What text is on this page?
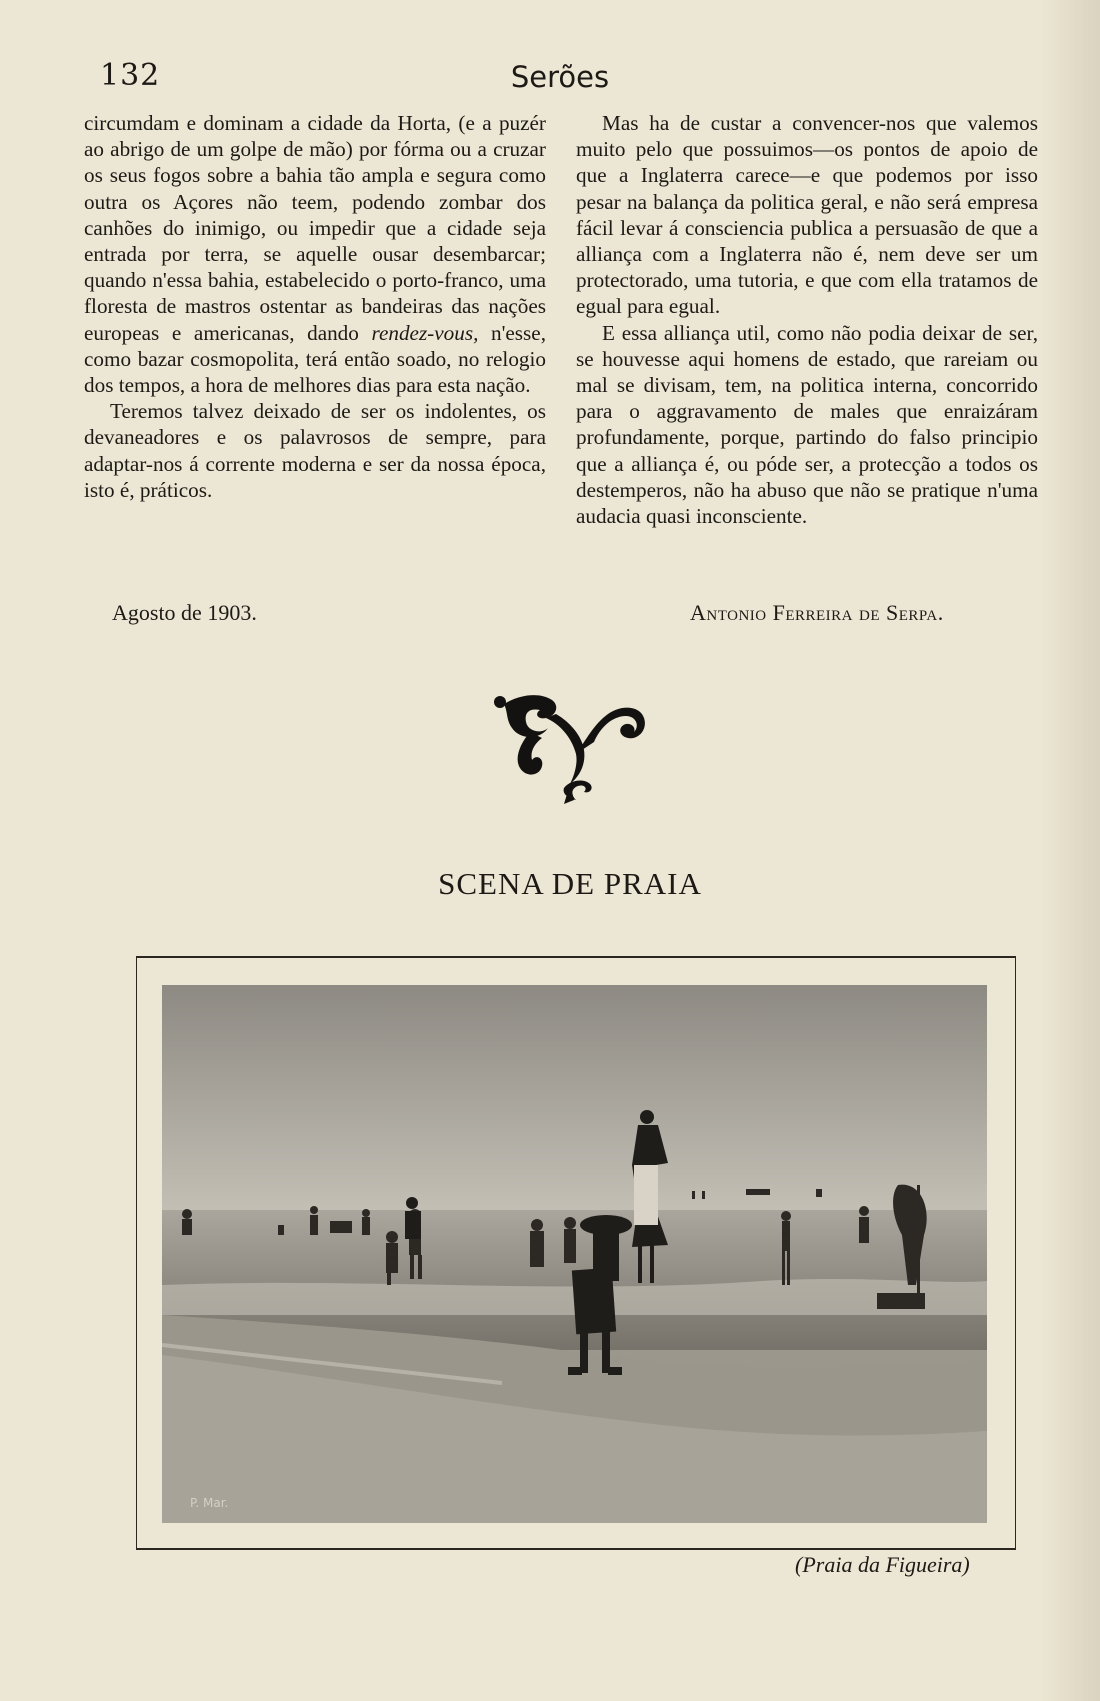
132	Serões

circumdam e dominam a cidade da Horta, (e a puzér ao abrigo de um golpe de mão) por fórma ou a cruzar os seus fogos sobre a bahia tão ampla e segura como outra os Açores não teem, podendo zombar dos canhões do inimigo, ou impedir que a cidade seja entrada por terra, se aquelle ousar desembarcar; quando n'essa bahia, estabelecido o porto-franco, uma floresta de mastros ostentar as bandeiras das nações europeas e americanas, dando rendez-vous, n'esse, como bazar cosmopolita, terá então soado, no relogio dos tempos, a hora de melhores dias para esta nação.

Teremos talvez deixado de ser os indolentes, os devaneadores e os palavrosos de sempre, para adaptar-nos á corrente moderna e ser da nossa época, isto é, práticos.

Mas ha de custar a convencer-nos que valemos muito pelo que possuimos—os pontos de apoio de que a Inglaterra carece—e que podemos por isso pesar na balança da politica geral, e não será empresa fácil levar á consciencia publica a persuasão de que a alliança com a Inglaterra não é, nem deve ser um protectorado, uma tutoria, e que com ella tratamos de egual para egual.

E essa alliança util, como não podia deixar de ser, se houvesse aqui homens de estado, que rareiam ou mal se divisam, tem, na politica interna, concorrido para o aggravamento de males que enraizáram profundamente, porque, partindo do falso principio que a alliança é, ou póde ser, a protecção a todos os destemperos, não ha abuso que não se pratique n'uma audacia quasi inconsciente.

Agosto de 1903.	Antonio Ferreira de Serpa.
SCENA DE PRAIA
P. Mar.
(Praia da Figueira)
